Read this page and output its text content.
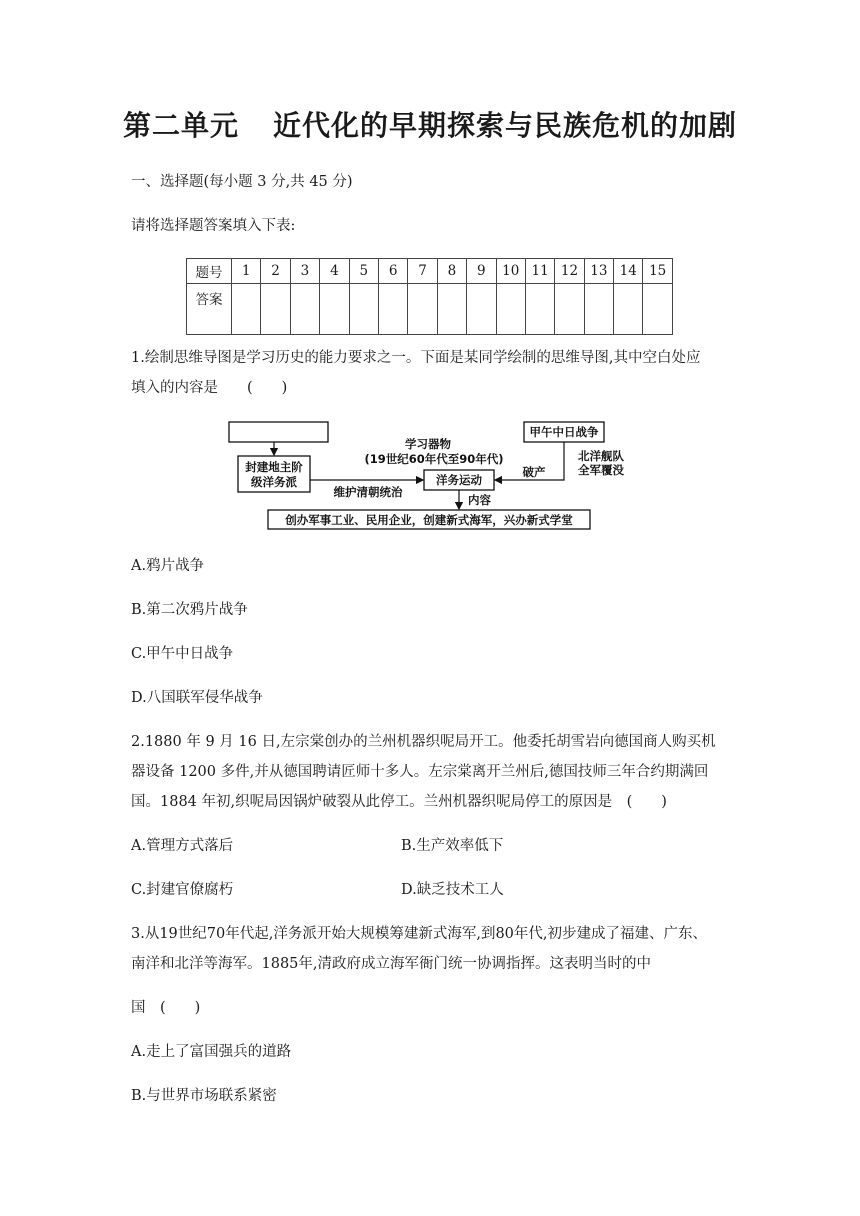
第二单元 近代化的早期探索与民族危机的加剧
一、选择题(每小题 3 分,共 45 分)
请将选择题答案填入下表:
题号	1	2	3	4	5	6	7	8	9	10	11	12	13	14	15
答案															
1.绘制思维导图是学习历史的能力要求之一。下面是某同学绘制的思维导图,其中空白处应
填入的内容是　　(　　)
封建地主阶
级洋务派	洋务运动
维护清朝统治
学习器物
(19世纪60年代至90年代)
甲午中日战争
北洋舰队
全军覆没
破产
创办军事工业、民用企业，创建新式海军，兴办新式学堂
内容
A.鸦片战争
B.第二次鸦片战争
C.甲午中日战争
D.八国联军侵华战争
2.1880 年 9 月 16 日,左宗棠创办的兰州机器织呢局开工。他委托胡雪岩向德国商人购买机
器设备 1200 多件,并从德国聘请匠师十多人。左宗棠离开兰州后,德国技师三年合约期满回
国。1884 年初,织呢局因锅炉破裂从此停工。兰州机器织呢局停工的原因是　(　　)
A.管理方式落后	B.生产效率低下
C.封建官僚腐朽	D.缺乏技术工人
3.从19世纪70年代起,洋务派开始大规模筹建新式海军,到80年代,初步建成了福建、广东、
南洋和北洋等海军。1885年,清政府成立海军衙门统一协调指挥。这表明当时的中
国　(　　)
A.走上了富国强兵的道路
B.与世界市场联系紧密
